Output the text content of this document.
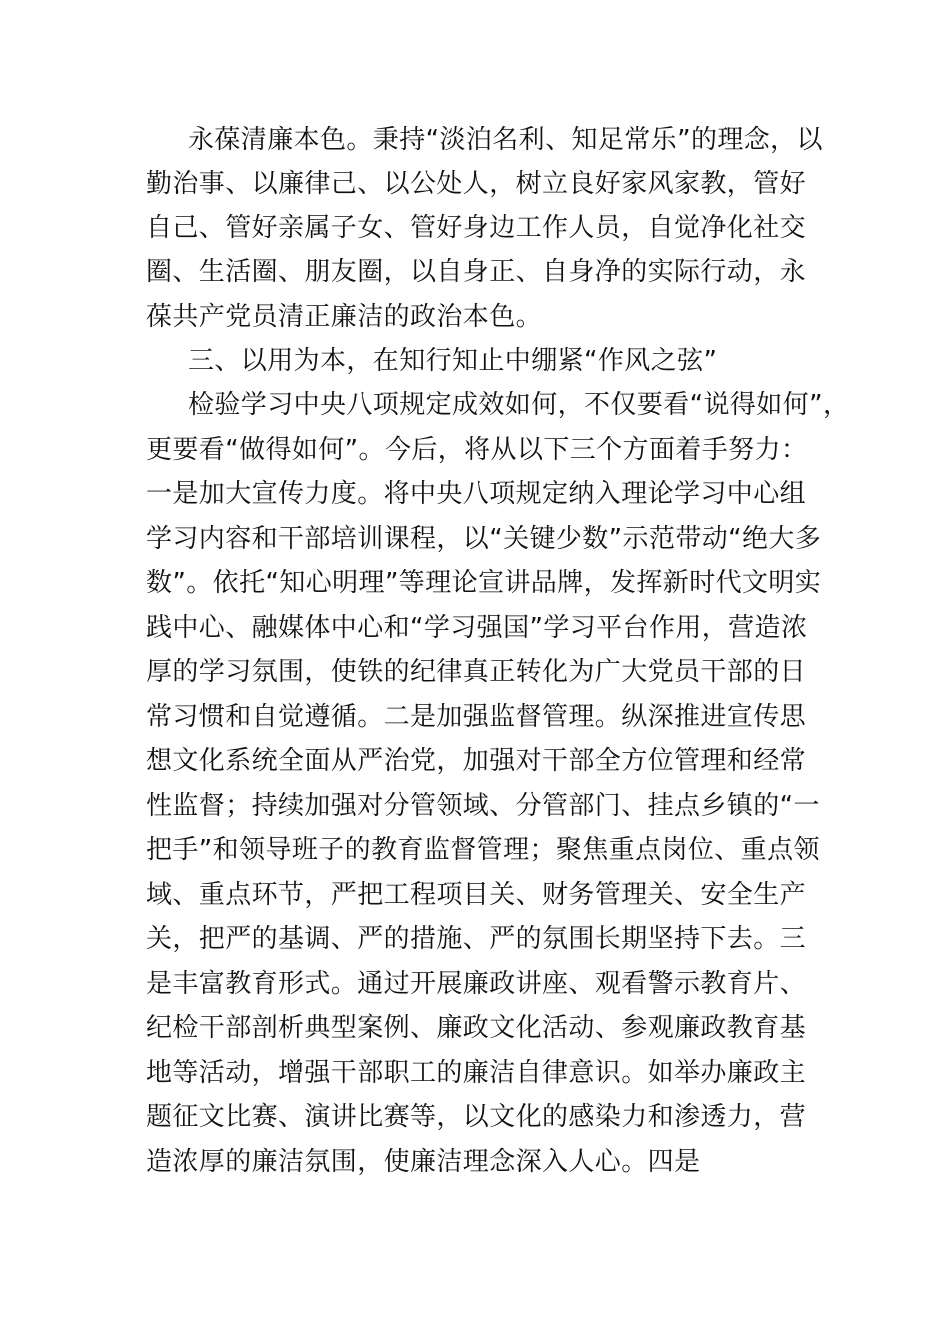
永葆清廉本色。秉持“淡泊名利、知足常乐”的理念，以
勤治事、以廉律己、以公处人，树立良好家风家教，管好
自己、管好亲属子女、管好身边工作人员，自觉净化社交
圈、生活圈、朋友圈，以自身正、自身净的实际行动，永
葆共产党员清正廉洁的政治本色。
三、以用为本，在知行知止中绷紧“作风之弦”
检验学习中央八项规定成效如何，不仅要看“说得如何”，
更要看“做得如何”。今后，将从以下三个方面着手努力：
一是加大宣传力度。将中央八项规定纳入理论学习中心组
学习内容和干部培训课程，以“关键少数”示范带动“绝大多
数”。依托“知心明理”等理论宣讲品牌，发挥新时代文明实
践中心、融媒体中心和“学习强国”学习平台作用，营造浓
厚的学习氛围，使铁的纪律真正转化为广大党员干部的日
常习惯和自觉遵循。二是加强监督管理。纵深推进宣传思
想文化系统全面从严治党，加强对干部全方位管理和经常
性监督；持续加强对分管领域、分管部门、挂点乡镇的“一
把手”和领导班子的教育监督管理；聚焦重点岗位、重点领
域、重点环节，严把工程项目关、财务管理关、安全生产
关，把严的基调、严的措施、严的氛围长期坚持下去。三
是丰富教育形式。通过开展廉政讲座、观看警示教育片、
纪检干部剖析典型案例、廉政文化活动、参观廉政教育基
地等活动，增强干部职工的廉洁自律意识。如举办廉政主
题征文比赛、演讲比赛等，以文化的感染力和渗透力，营
造浓厚的廉洁氛围，使廉洁理念深入人心。四是
